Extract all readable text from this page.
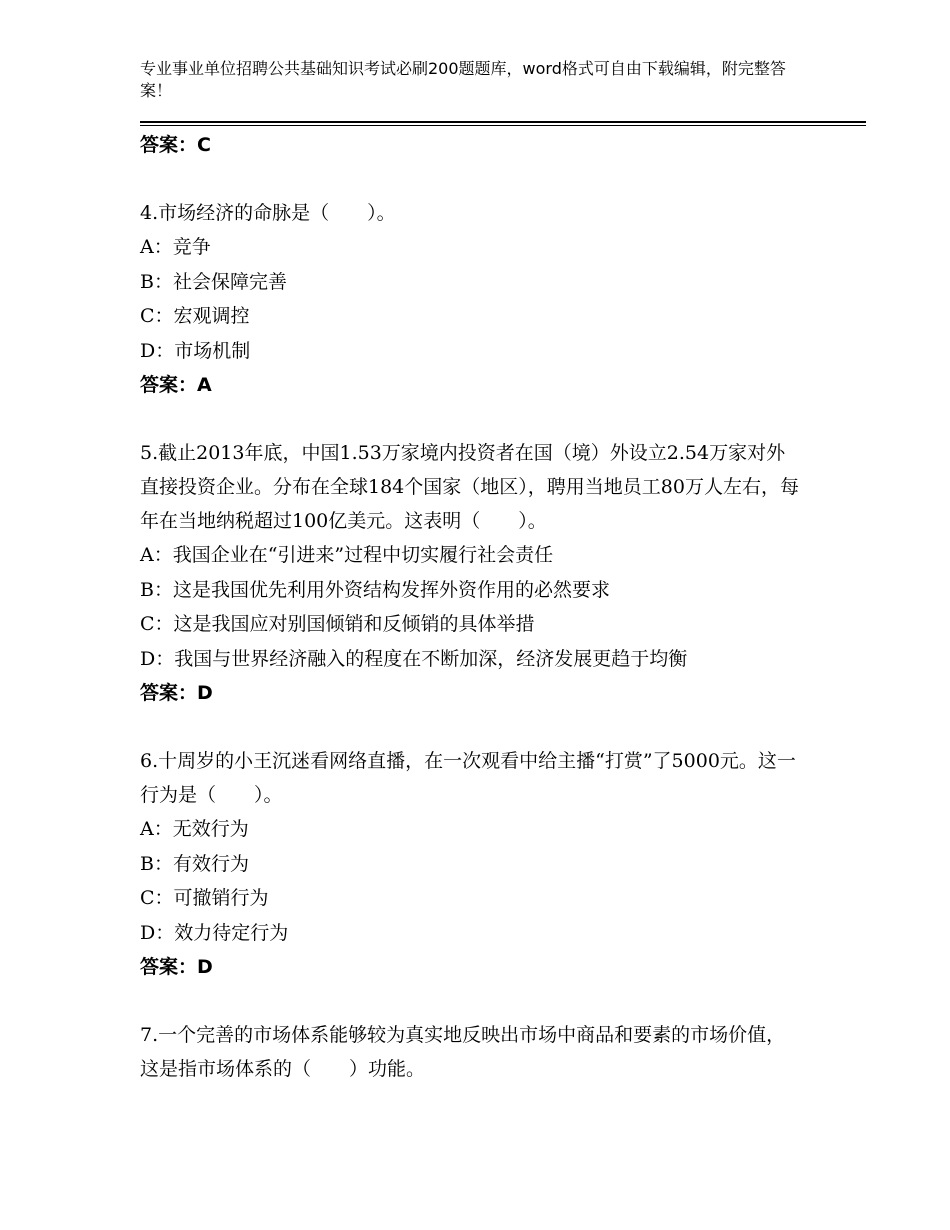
专业事业单位招聘公共基础知识考试必刷200题题库，word格式可自由下载编辑，附完整答案！

答案：C

4.市场经济的命脉是（　　）。

A：竞争

B：社会保障完善

C：宏观调控

D：市场机制

答案：A

5.截止2013年底，中国1.53万家境内投资者在国（境）外设立2.54万家对外直接投资企业。分布在全球184个国家（地区），聘用当地员工80万人左右，每年在当地纳税超过100亿美元。这表明（　　）。

A：我国企业在“引进来”过程中切实履行社会责任

B：这是我国优先利用外资结构发挥外资作用的必然要求

C：这是我国应对别国倾销和反倾销的具体举措

D：我国与世界经济融入的程度在不断加深，经济发展更趋于均衡

答案：D

6.十周岁的小王沉迷看网络直播，在一次观看中给主播“打赏”了5000元。这一行为是（　　）。

A：无效行为

B：有效行为

C：可撤销行为

D：效力待定行为

答案：D

7.一个完善的市场体系能够较为真实地反映出市场中商品和要素的市场价值，这是指市场体系的（　　）功能。
